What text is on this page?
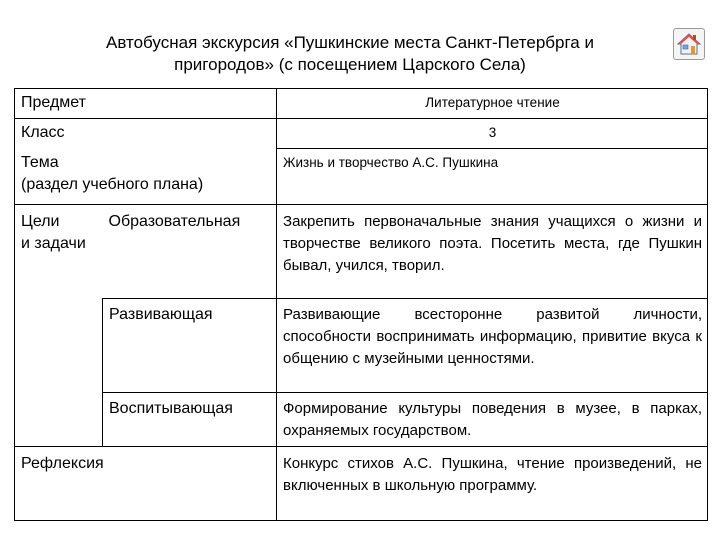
Автобусная экскурсия «Пушкинские места Санкт-Петербрга и
пригородов» (с посещением Царского Села)
Предмет		Литературное чтение
Класс		3

Тема
(раздел учебного плана)		Жизнь и творчество А.С. Пушкина

Цели
и задачи	Образовательная	Закрепить первоначальные знания учащихся о жизни и творчестве великого поэта. Посетить места, где Пушкин бывал, учился, творил.
	Развивающая	Развивающие всесторонне развитой личности, способности воспринимать информацию, привитие вкуса к общению с музейными ценностями.
	Воспитывающая	Формирование культуры поведения в музее, в парках, охраняемых государством.
Рефлексия		Конкурс стихов А.С. Пушкина, чтение произведений, не включенных в школьную программу.
